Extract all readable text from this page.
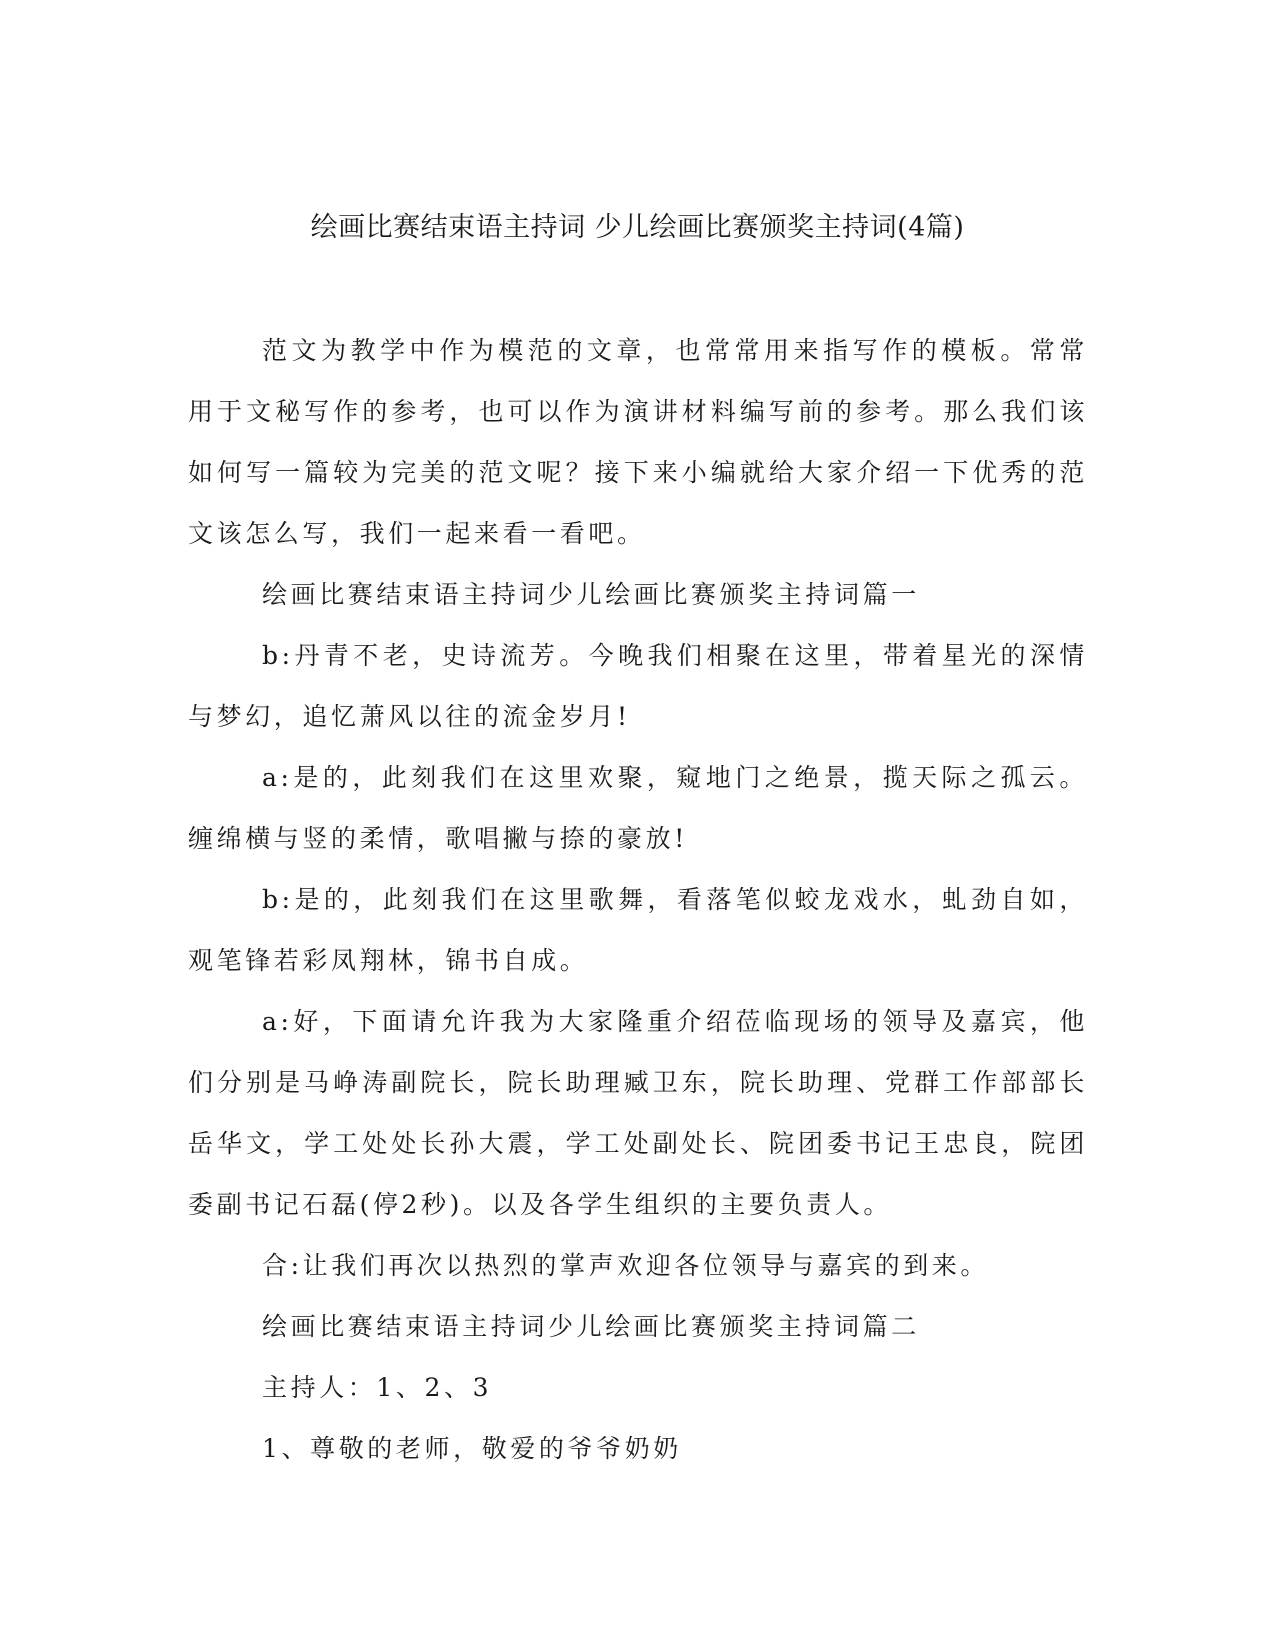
绘画比赛结束语主持词 少儿绘画比赛颁奖主持词(4篇)

范文为教学中作为模范的文章，也常常用来指写作的模板。常常用于文秘写作的参考，也可以作为演讲材料编写前的参考。那么我们该如何写一篇较为完美的范文呢？接下来小编就给大家介绍一下优秀的范文该怎么写，我们一起来看一看吧。

绘画比赛结束语主持词少儿绘画比赛颁奖主持词篇一

b:丹青不老，史诗流芳。今晚我们相聚在这里，带着星光的深情与梦幻，追忆萧风以往的流金岁月!

a:是的，此刻我们在这里欢聚，窥地门之绝景，揽天际之孤云。缠绵横与竖的柔情，歌唱撇与捺的豪放!

b:是的，此刻我们在这里歌舞，看落笔似蛟龙戏水，虬劲自如，观笔锋若彩凤翔林，锦书自成。

a:好，下面请允许我为大家隆重介绍莅临现场的领导及嘉宾，他们分别是马峥涛副院长，院长助理臧卫东，院长助理、党群工作部部长岳华文，学工处处长孙大震，学工处副处长、院团委书记王忠良，院团委副书记石磊(停2秒)。以及各学生组织的主要负责人。

合:让我们再次以热烈的掌声欢迎各位领导与嘉宾的到来。

绘画比赛结束语主持词少儿绘画比赛颁奖主持词篇二

主持人：1、2、3

1、尊敬的老师，敬爱的爷爷奶奶
